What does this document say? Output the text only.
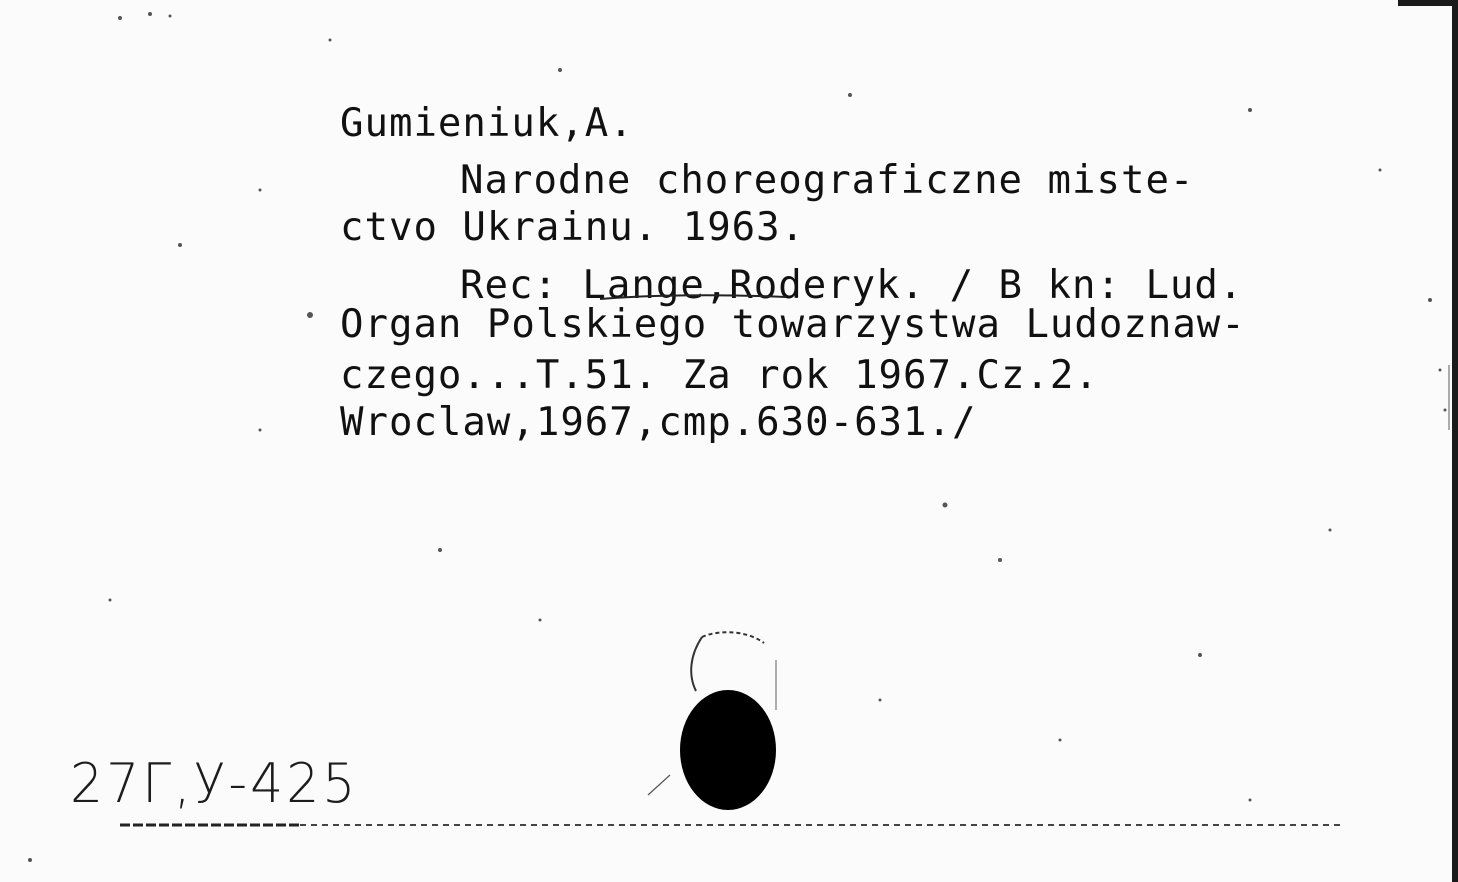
Gumieniuk,A.
Narodne choreograficzne miste-
ctvo Ukrainu. 1963.
Rec: Lange,Roderyk. / B kn: Lud.
Organ Polskiego towarzystwa Ludoznaw-
czego...T.51. Za rok 1967.Cz.2.
Wroclaw,1967,cmp.630-631./
27Г,У-425
